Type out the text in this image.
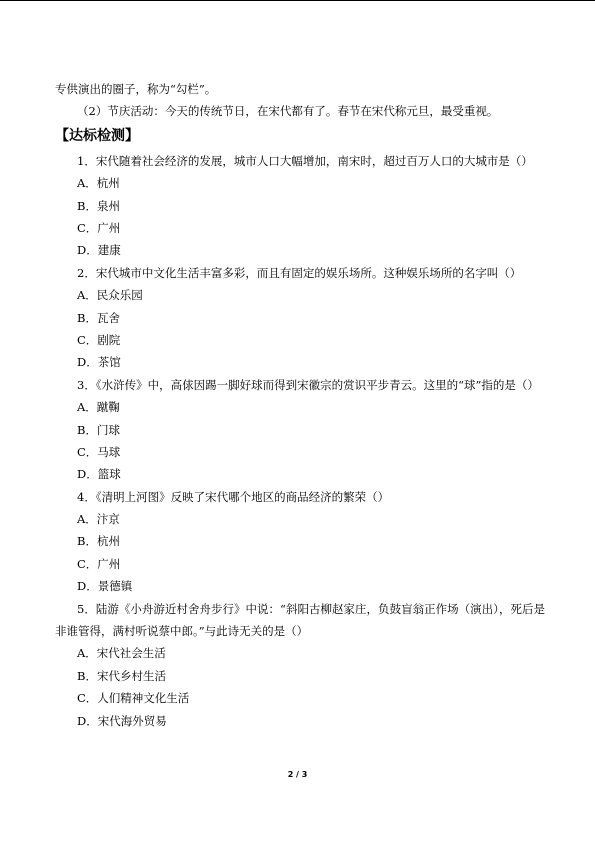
专供演出的圈子，称为“勾栏”。
（2）节庆活动：今天的传统节日，在宋代都有了。春节在宋代称元旦，最受重视。
【达标检测】
1．宋代随着社会经济的发展，城市人口大幅增加，南宋时，超过百万人口的大城市是（）
A．杭州
B．泉州
C．广州
D．建康
2．宋代城市中文化生活丰富多彩，而且有固定的娱乐场所。这种娱乐场所的名字叫（）
A．民众乐园
B．瓦舍
C．剧院
D．茶馆
3．《水浒传》中，高俅因踢一脚好球而得到宋徽宗的赏识平步青云。这里的“球”指的是（）
A．蹴鞠
B．门球
C．马球
D．篮球
4．《清明上河图》反映了宋代哪个地区的商品经济的繁荣（）
A．汴京
B．杭州
C．广州
D．景德镇
5．陆游《小舟游近村舍舟步行》中说：“斜阳古柳赵家庄，负鼓盲翁正作场（演出），死后是非谁管得，满村听说蔡中郎。”与此诗无关的是（）
A．宋代社会生活
B．宋代乡村生活
C．人们精神文化生活
D．宋代海外贸易
2 / 3
